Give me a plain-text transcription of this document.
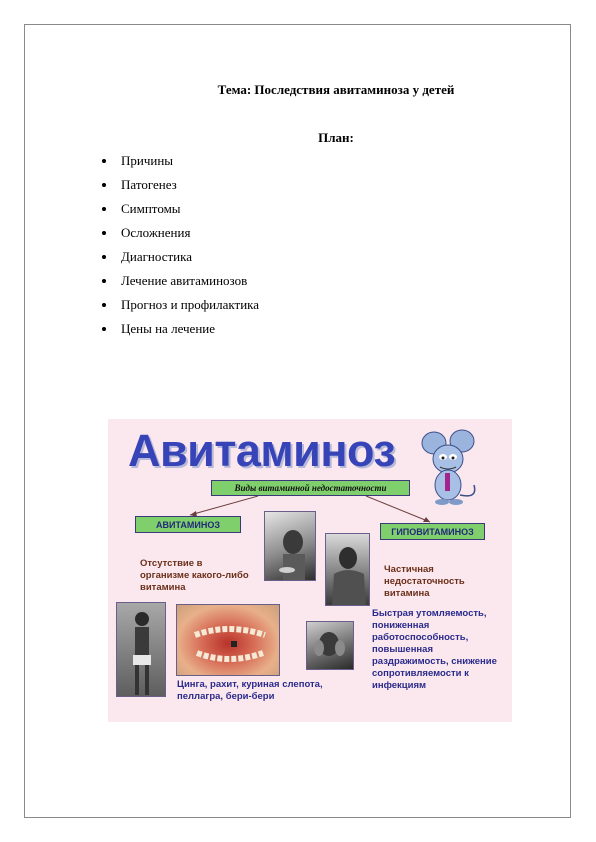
Тема: Последствия авитаминоза у детей
План:
Причины
Патогенез
Симптомы
Осложнения
Диагностика
Лечение авитаминозов
Прогноз и профилактика
Цены на лечение
Авитаминоз
Виды витаминной недостаточности
АВИТАМИНОЗ
ГИПОВИТАМИНОЗ
Отсутствие в организме какого-либо витамина
Частичная недостаточность витамина
Быстрая утомляемость, пониженная работоспособность, повышенная раздражимость, снижение сопротивляемости к инфекциям
Цинга, рахит, куриная слепота, пеллагра, бери-бери
